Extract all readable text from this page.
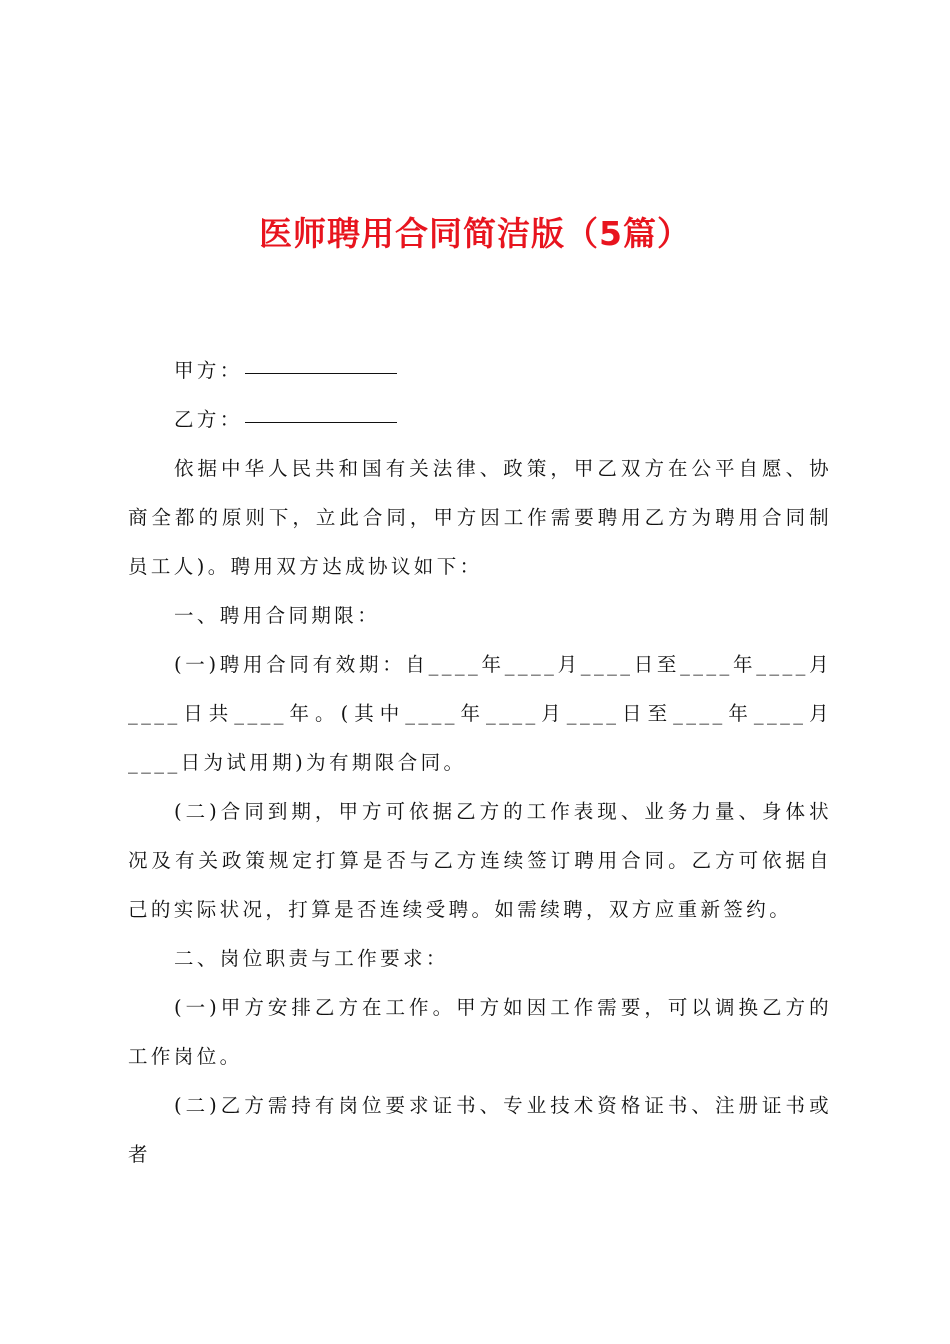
医师聘用合同简洁版（5篇）

甲方：

乙方：

依据中华人民共和国有关法律、政策，甲乙双方在公平自愿、协商全都的原则下，立此合同，甲方因工作需要聘用乙方为聘用合同制员工人)。聘用双方达成协议如下：

一、聘用合同期限：

(一)聘用合同有效期：自____年____月____日至____年____月____日共____年。(其中____年____月____日至____年____月____日为试用期)为有期限合同。

(二)合同到期，甲方可依据乙方的工作表现、业务力量、身体状况及有关政策规定打算是否与乙方连续签订聘用合同。乙方可依据自己的实际状况，打算是否连续受聘。如需续聘，双方应重新签约。

二、岗位职责与工作要求：

(一)甲方安排乙方在工作。甲方如因工作需要，可以调换乙方的工作岗位。

(二)乙方需持有岗位要求证书、专业技术资格证书、注册证书或者
